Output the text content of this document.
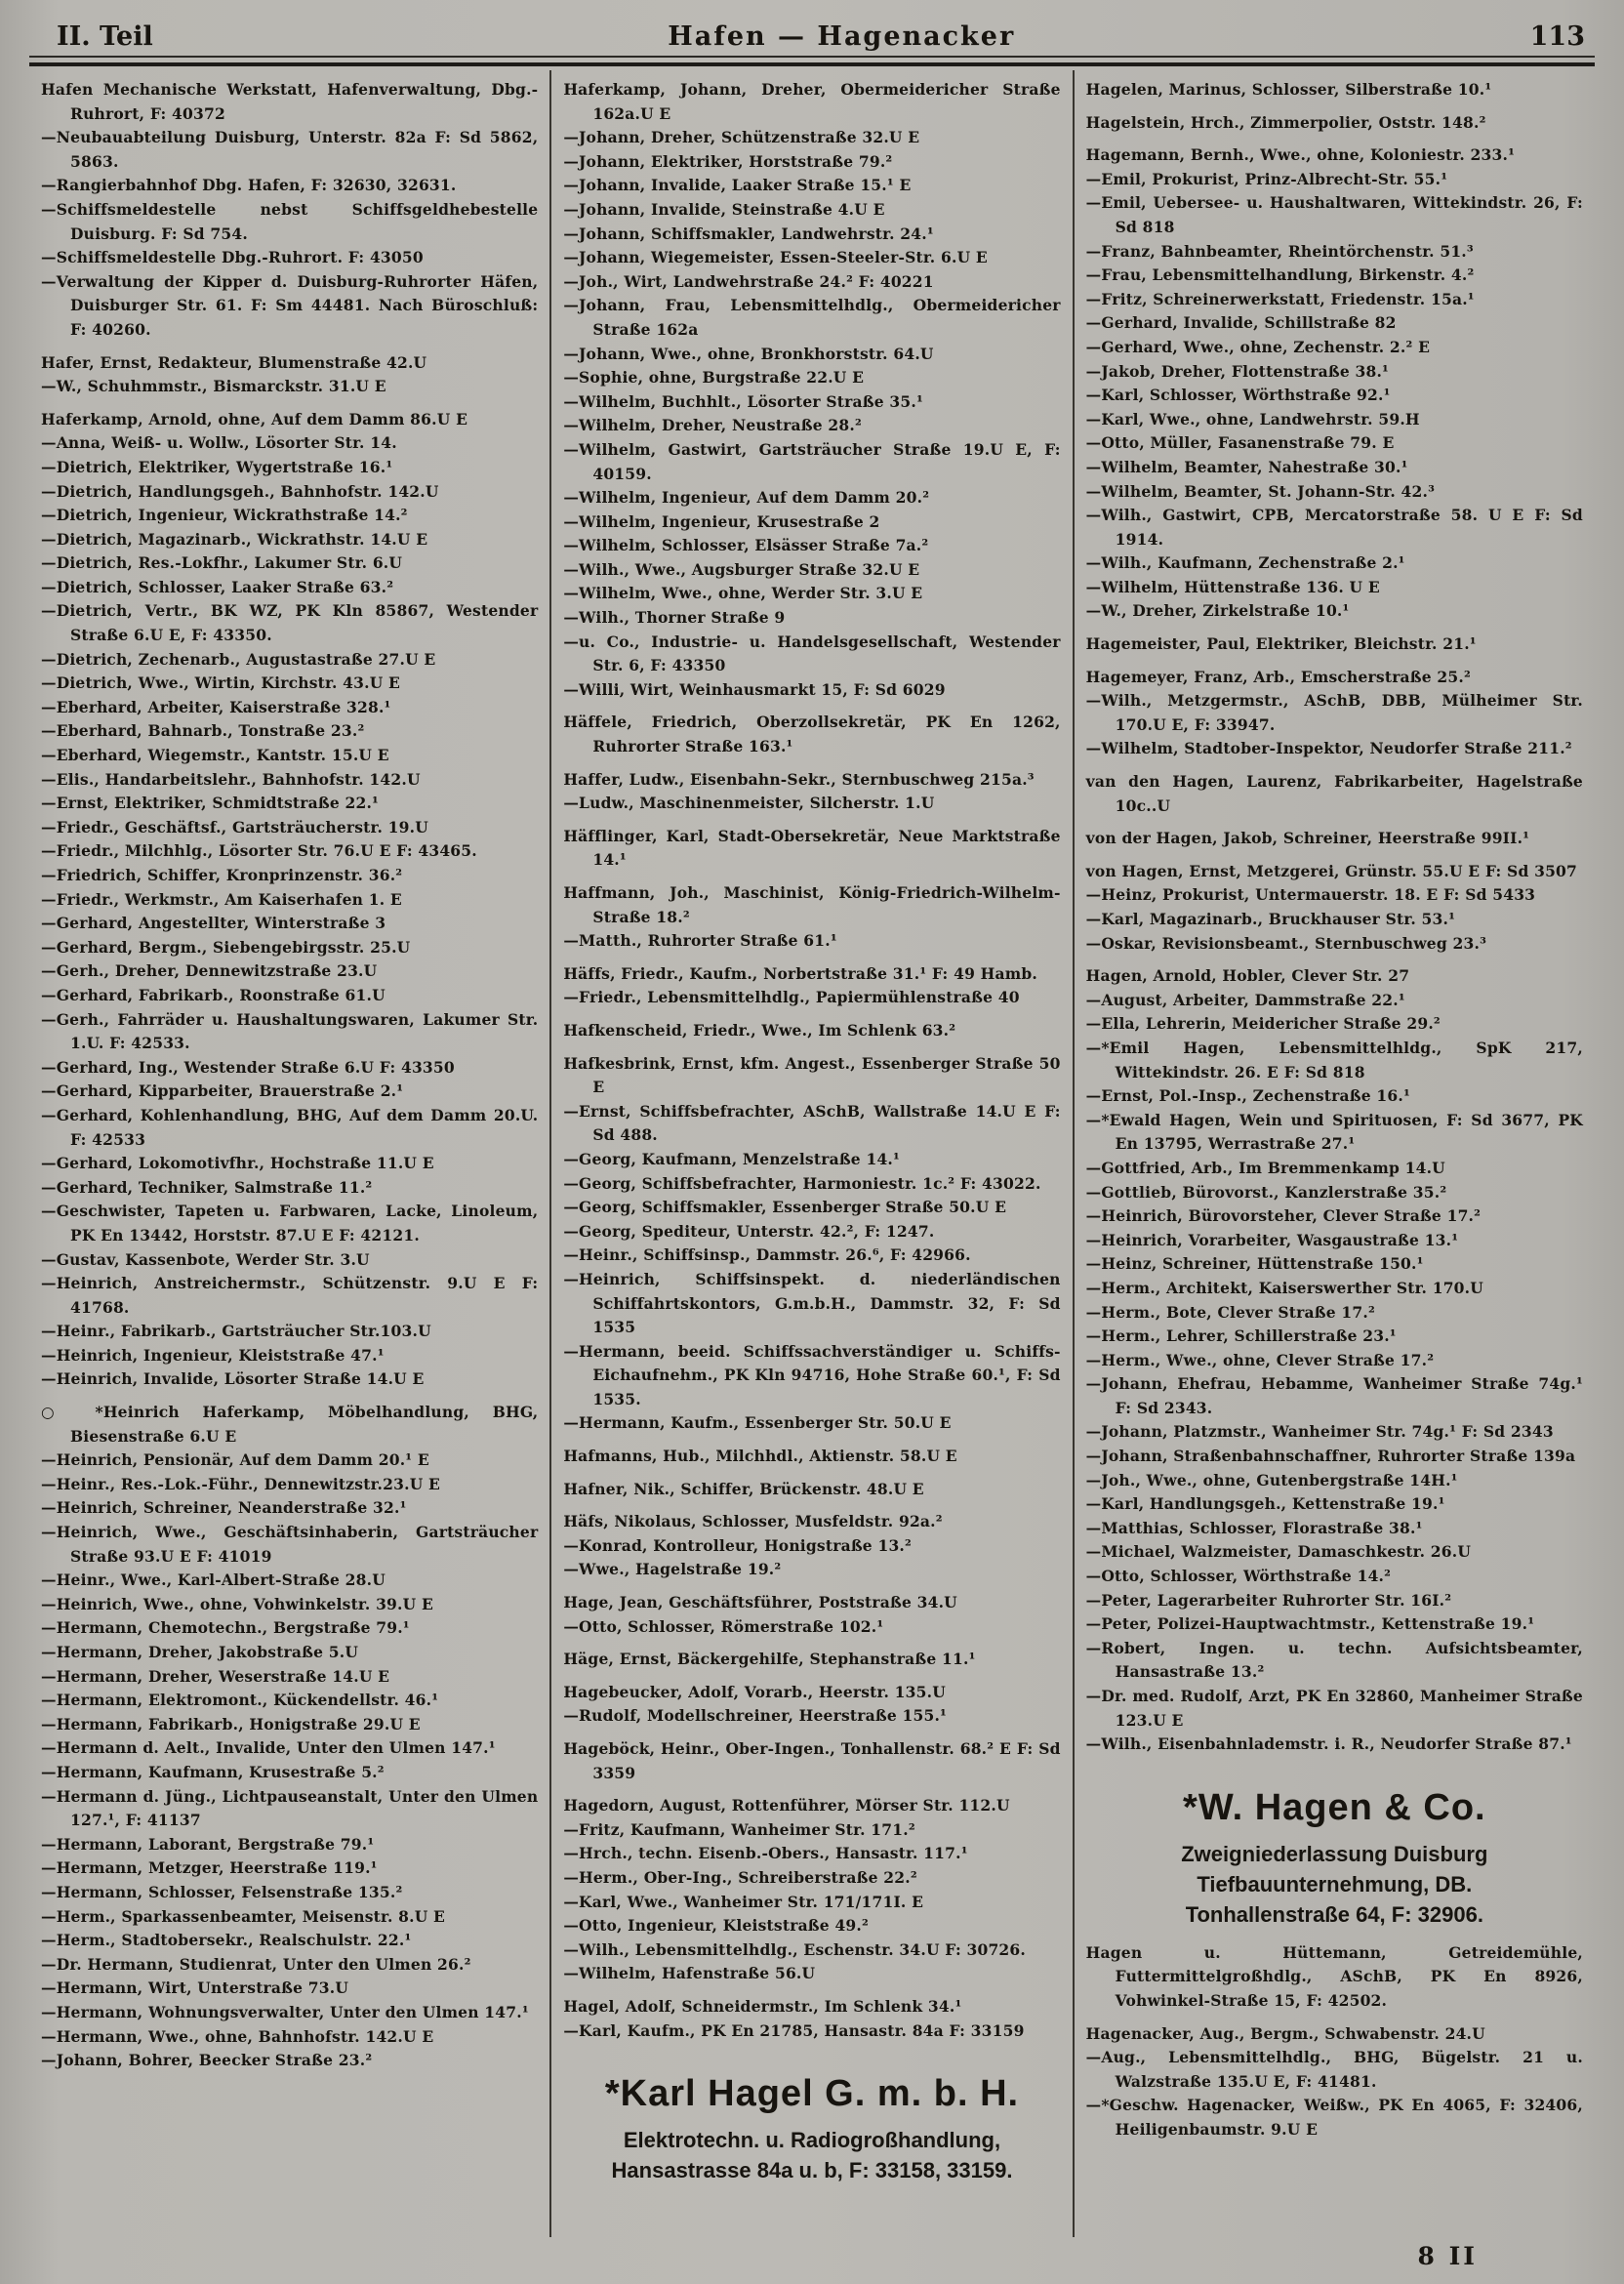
II. Teil	Hafen — Hagenacker	113

Hafen Mechanische Werkstatt, Hafenverwaltung, Dbg.-Ruhrort, F: 40372

—Neubauabteilung Duisburg, Unterstr. 82a F: Sd 5862, 5863.

—Rangierbahnhof Dbg. Hafen, F: 32630, 32631.

—Schiffsmeldestelle nebst Schiffsgeldhebestelle Duisburg. F: Sd 754.

—Schiffsmeldestelle Dbg.-Ruhrort. F: 43050

—Verwaltung der Kipper d. Duisburg-Ruhrorter Häfen, Duisburger Str. 61. F: Sm 44481. Nach Büroschluß: F: 40260.

Hafer, Ernst, Redakteur, Blumenstraße 42.U

—W., Schuhmmstr., Bismarckstr. 31.U E

Haferkamp, Arnold, ohne, Auf dem Damm 86.U E

—Anna, Weiß- u. Wollw., Lösorter Str. 14.

—Dietrich, Elektriker, Wygertstraße 16.¹

—Dietrich, Handlungsgeh., Bahnhofstr. 142.U

—Dietrich, Ingenieur, Wickrathstraße 14.²

—Dietrich, Magazinarb., Wickrathstr. 14.U E

—Dietrich, Res.-Lokfhr., Lakumer Str. 6.U

—Dietrich, Schlosser, Laaker Straße 63.²

—Dietrich, Vertr., BK WZ, PK Kln 85867, Westender Straße 6.U E, F: 43350.

—Dietrich, Zechenarb., Augustastraße 27.U E

—Dietrich, Wwe., Wirtin, Kirchstr. 43.U E

—Eberhard, Arbeiter, Kaiserstraße 328.¹

—Eberhard, Bahnarb., Tonstraße 23.²

—Eberhard, Wiegemstr., Kantstr. 15.U E

—Elis., Handarbeitslehr., Bahnhofstr. 142.U

—Ernst, Elektriker, Schmidtstraße 22.¹

—Friedr., Geschäftsf., Gartsträucherstr. 19.U

—Friedr., Milchhlg., Lösorter Str. 76.U E F: 43465.

—Friedrich, Schiffer, Kronprinzenstr. 36.²

—Friedr., Werkmstr., Am Kaiserhafen 1. E

—Gerhard, Angestellter, Winterstraße 3

—Gerhard, Bergm., Siebengebirgsstr. 25.U

—Gerh., Dreher, Dennewitzstraße 23.U

—Gerhard, Fabrikarb., Roonstraße 61.U

—Gerh., Fahrräder u. Haushaltungswaren, Lakumer Str. 1.U. F: 42533.

—Gerhard, Ing., Westender Straße 6.U F: 43350

—Gerhard, Kipparbeiter, Brauerstraße 2.¹

—Gerhard, Kohlenhandlung, BHG, Auf dem Damm 20.U. F: 42533

—Gerhard, Lokomotivfhr., Hochstraße 11.U E

—Gerhard, Techniker, Salmstraße 11.²

—Geschwister, Tapeten u. Farbwaren, Lacke, Linoleum, PK En 13442, Horststr. 87.U E F: 42121.

—Gustav, Kassenbote, Werder Str. 3.U

—Heinrich, Anstreichermstr., Schützenstr. 9.U E F: 41768.

—Heinr., Fabrikarb., Gartsträucher Str.103.U

—Heinrich, Ingenieur, Kleiststraße 47.¹

—Heinrich, Invalide, Lösorter Straße 14.U E

○ *Heinrich Haferkamp, Möbelhandlung, BHG, Biesenstraße 6.U E

—Heinrich, Pensionär, Auf dem Damm 20.¹ E

—Heinr., Res.-Lok.-Führ., Dennewitzstr.23.U E

—Heinrich, Schreiner, Neanderstraße 32.¹

—Heinrich, Wwe., Geschäftsinhaberin, Gartsträucher Straße 93.U E F: 41019

—Heinr., Wwe., Karl-Albert-Straße 28.U

—Heinrich, Wwe., ohne, Vohwinkelstr. 39.U E

—Hermann, Chemotechn., Bergstraße 79.¹

—Hermann, Dreher, Jakobstraße 5.U

—Hermann, Dreher, Weserstraße 14.U E

—Hermann, Elektromont., Kückendellstr. 46.¹

—Hermann, Fabrikarb., Honigstraße 29.U E

—Hermann d. Aelt., Invalide, Unter den Ulmen 147.¹

—Hermann, Kaufmann, Krusestraße 5.²

—Hermann d. Jüng., Lichtpauseanstalt, Unter den Ulmen 127.¹, F: 41137

—Hermann, Laborant, Bergstraße 79.¹

—Hermann, Metzger, Heerstraße 119.¹

—Hermann, Schlosser, Felsenstraße 135.²

—Herm., Sparkassenbeamter, Meisenstr. 8.U E

—Herm., Stadtobersekr., Realschulstr. 22.¹

—Dr. Hermann, Studienrat, Unter den Ulmen 26.²

—Hermann, Wirt, Unterstraße 73.U

—Hermann, Wohnungsverwalter, Unter den Ulmen 147.¹

—Hermann, Wwe., ohne, Bahnhofstr. 142.U E

—Johann, Bohrer, Beecker Straße 23.²

Haferkamp, Johann, Dreher, Obermeidericher Straße 162a.U E

—Johann, Dreher, Schützenstraße 32.U E

—Johann, Elektriker, Horststraße 79.²

—Johann, Invalide, Laaker Straße 15.¹ E

—Johann, Invalide, Steinstraße 4.U E

—Johann, Schiffsmakler, Landwehrstr. 24.¹

—Johann, Wiegemeister, Essen-Steeler-Str. 6.U E

—Joh., Wirt, Landwehrstraße 24.² F: 40221

—Johann, Frau, Lebensmittelhdlg., Obermeidericher Straße 162a

—Johann, Wwe., ohne, Bronkhorststr. 64.U

—Sophie, ohne, Burgstraße 22.U E

—Wilhelm, Buchhlt., Lösorter Straße 35.¹

—Wilhelm, Dreher, Neustraße 28.²

—Wilhelm, Gastwirt, Gartsträucher Straße 19.U E, F: 40159.

—Wilhelm, Ingenieur, Auf dem Damm 20.²

—Wilhelm, Ingenieur, Krusestraße 2

—Wilhelm, Schlosser, Elsässer Straße 7a.²

—Wilh., Wwe., Augsburger Straße 32.U E

—Wilhelm, Wwe., ohne, Werder Str. 3.U E

—Wilh., Thorner Straße 9

—u. Co., Industrie- u. Handelsgesellschaft, Westender Str. 6, F: 43350

—Willi, Wirt, Weinhausmarkt 15, F: Sd 6029

Häffele, Friedrich, Oberzollsekretär, PK En 1262, Ruhrorter Straße 163.¹

Haffer, Ludw., Eisenbahn-Sekr., Sternbuschweg 215a.³

—Ludw., Maschinenmeister, Silcherstr. 1.U

Häfflinger, Karl, Stadt-Obersekretär, Neue Marktstraße 14.¹

Haffmann, Joh., Maschinist, König-Friedrich-Wilhelm-Straße 18.²

—Matth., Ruhrorter Straße 61.¹

Häffs, Friedr., Kaufm., Norbertstraße 31.¹ F: 49 Hamb.

—Friedr., Lebensmittelhdlg., Papiermühlenstraße 40

Hafkenscheid, Friedr., Wwe., Im Schlenk 63.²

Hafkesbrink, Ernst, kfm. Angest., Essenberger Straße 50 E

—Ernst, Schiffsbefrachter, ASchB, Wallstraße 14.U E F: Sd 488.

—Georg, Kaufmann, Menzelstraße 14.¹

—Georg, Schiffsbefrachter, Harmoniestr. 1c.² F: 43022.

—Georg, Schiffsmakler, Essenberger Straße 50.U E

—Georg, Spediteur, Unterstr. 42.², F: 1247.

—Heinr., Schiffsinsp., Dammstr. 26.⁶, F: 42966.

—Heinrich, Schiffsinspekt. d. niederländischen Schiffahrtskontors, G.m.b.H., Dammstr. 32, F: Sd 1535

—Hermann, beeid. Schiffssachverständiger u. Schiffs-Eichaufnehm., PK Kln 94716, Hohe Straße 60.¹, F: Sd 1535.

—Hermann, Kaufm., Essenberger Str. 50.U E

Hafmanns, Hub., Milchhdl., Aktienstr. 58.U E

Hafner, Nik., Schiffer, Brückenstr. 48.U E

Häfs, Nikolaus, Schlosser, Musfeldstr. 92a.²

—Konrad, Kontrolleur, Honigstraße 13.²

—Wwe., Hagelstraße 19.²

Hage, Jean, Geschäftsführer, Poststraße 34.U

—Otto, Schlosser, Römerstraße 102.¹

Häge, Ernst, Bäckergehilfe, Stephanstraße 11.¹

Hagebeucker, Adolf, Vorarb., Heerstr. 135.U

—Rudolf, Modellschreiner, Heerstraße 155.¹

Hageböck, Heinr., Ober-Ingen., Tonhallenstr. 68.² E F: Sd 3359

Hagedorn, August, Rottenführer, Mörser Str. 112.U

—Fritz, Kaufmann, Wanheimer Str. 171.²

—Hrch., techn. Eisenb.-Obers., Hansastr. 117.¹

—Herm., Ober-Ing., Schreiberstraße 22.²

—Karl, Wwe., Wanheimer Str. 171/171I. E

—Otto, Ingenieur, Kleiststraße 49.²

—Wilh., Lebensmittelhdlg., Eschenstr. 34.U F: 30726.

—Wilhelm, Hafenstraße 56.U

Hagel, Adolf, Schneidermstr., Im Schlenk 34.¹

—Karl, Kaufm., PK En 21785, Hansastr. 84a F: 33159

*Karl Hagel G. m. b. H.
Elektrotechn. u. Radiogroßhandlung,
Hansastrasse 84a u. b, F: 33158, 33159.

Hagelen, Marinus, Schlosser, Silberstraße 10.¹

Hagelstein, Hrch., Zimmerpolier, Oststr. 148.²

Hagemann, Bernh., Wwe., ohne, Koloniestr. 233.¹

—Emil, Prokurist, Prinz-Albrecht-Str. 55.¹

—Emil, Uebersee- u. Haushaltwaren, Wittekindstr. 26, F: Sd 818

—Franz, Bahnbeamter, Rheintörchenstr. 51.³

—Frau, Lebensmittelhandlung, Birkenstr. 4.²

—Fritz, Schreinerwerkstatt, Friedenstr. 15a.¹

—Gerhard, Invalide, Schillstraße 82

—Gerhard, Wwe., ohne, Zechenstr. 2.² E

—Jakob, Dreher, Flottenstraße 38.¹

—Karl, Schlosser, Wörthstraße 92.¹

—Karl, Wwe., ohne, Landwehrstr. 59.H

—Otto, Müller, Fasanenstraße 79. E

—Wilhelm, Beamter, Nahestraße 30.¹

—Wilhelm, Beamter, St. Johann-Str. 42.³

—Wilh., Gastwirt, CPB, Mercatorstraße 58. U E F: Sd 1914.

—Wilh., Kaufmann, Zechenstraße 2.¹

—Wilhelm, Hüttenstraße 136. U E

—W., Dreher, Zirkelstraße 10.¹

Hagemeister, Paul, Elektriker, Bleichstr. 21.¹

Hagemeyer, Franz, Arb., Emscherstraße 25.²

—Wilh., Metzgermstr., ASchB, DBB, Mülheimer Str. 170.U E, F: 33947.

—Wilhelm, Stadtober-Inspektor, Neudorfer Straße 211.²

van den Hagen, Laurenz, Fabrikarbeiter, Hagelstraße 10c..U

von der Hagen, Jakob, Schreiner, Heerstraße 99II.¹

von Hagen, Ernst, Metzgerei, Grünstr. 55.U E F: Sd 3507

—Heinz, Prokurist, Untermauerstr. 18. E F: Sd 5433

—Karl, Magazinarb., Bruckhauser Str. 53.¹

—Oskar, Revisionsbeamt., Sternbuschweg 23.³

Hagen, Arnold, Hobler, Clever Str. 27

—August, Arbeiter, Dammstraße 22.¹

—Ella, Lehrerin, Meidericher Straße 29.²

—*Emil Hagen, Lebensmittelhldg., SpK 217, Wittekindstr. 26. E F: Sd 818

—Ernst, Pol.-Insp., Zechenstraße 16.¹

—*Ewald Hagen, Wein und Spirituosen, F: Sd 3677, PK En 13795, Werrastraße 27.¹

—Gottfried, Arb., Im Bremmenkamp 14.U

—Gottlieb, Bürovorst., Kanzlerstraße 35.²

—Heinrich, Bürovorsteher, Clever Straße 17.²

—Heinrich, Vorarbeiter, Wasgaustraße 13.¹

—Heinz, Schreiner, Hüttenstraße 150.¹

—Herm., Architekt, Kaiserswerther Str. 170.U

—Herm., Bote, Clever Straße 17.²

—Herm., Lehrer, Schillerstraße 23.¹

—Herm., Wwe., ohne, Clever Straße 17.²

—Johann, Ehefrau, Hebamme, Wanheimer Straße 74g.¹ F: Sd 2343.

—Johann, Platzmstr., Wanheimer Str. 74g.¹ F: Sd 2343

—Johann, Straßenbahnschaffner, Ruhrorter Straße 139a

—Joh., Wwe., ohne, Gutenbergstraße 14H.¹

—Karl, Handlungsgeh., Kettenstraße 19.¹

—Matthias, Schlosser, Florastraße 38.¹

—Michael, Walzmeister, Damaschkestr. 26.U

—Otto, Schlosser, Wörthstraße 14.²

—Peter, Lagerarbeiter Ruhrorter Str. 16I.²

—Peter, Polizei-Hauptwachtmstr., Kettenstraße 19.¹

—Robert, Ingen. u. techn. Aufsichtsbeamter, Hansastraße 13.²

—Dr. med. Rudolf, Arzt, PK En 32860, Manheimer Straße 123.U E

—Wilh., Eisenbahnlademstr. i. R., Neudorfer Straße 87.¹

*W. Hagen & Co.
Zweigniederlassung Duisburg
Tiefbauunternehmung, DB.
Tonhallenstraße 64, F: 32906.

Hagen u. Hüttemann, Getreidemühle, Futtermittelgroßhdlg., ASchB, PK En 8926, Vohwinkel-Straße 15, F: 42502.

Hagenacker, Aug., Bergm., Schwabenstr. 24.U

—Aug., Lebensmittelhdlg., BHG, Bügelstr. 21 u. Walzstraße 135.U E, F: 41481.

—*Geschw. Hagenacker, Weißw., PK En 4065, F: 32406, Heiligenbaumstr. 9.U E

8 II
